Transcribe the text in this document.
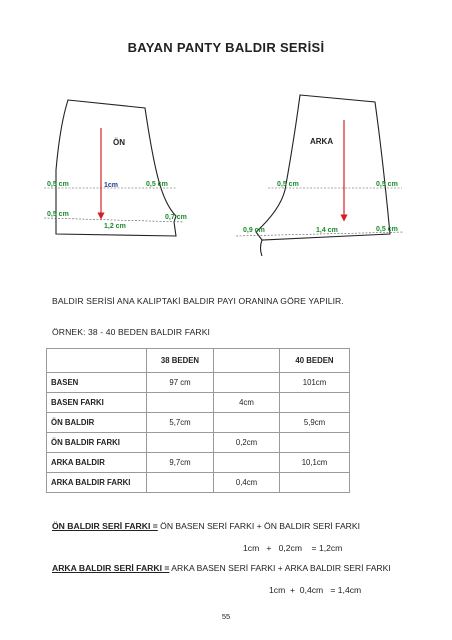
BAYAN PANTY BALDIR SERİSİ
ÖN
0,5 cm	1cm	0,5 cm
0,5 cm
1,2 cm
0,7 cm
ARKA
0,5 cm	0,5 cm
0,9 cm	1,4 cm	0,5 cm
BALDIR SERİSİ ANA KALIPTAKİ BALDIR PAYI ORANINA GÖRE YAPILIR.
ÖRNEK: 38 - 40 BEDEN BALDIR FARKI
	38 BEDEN		40 BEDEN
BASEN	97 cm		101cm
BASEN FARKI		4cm	
ÖN BALDIR	5,7cm		5,9cm
ÖN BALDIR FARKI		0,2cm	
ARKA BALDIR	9,7cm		10,1cm
ARKA BALDIR FARKI		0,4cm	
ÖN BALDIR SERİ FARKI = ÖN BASEN SERİ FARKI + ÖN BALDIR SERİ FARKI
1cm   +   0,2cm    = 1,2cm
ARKA BALDIR SERİ FARKI = ARKA BASEN SERİ FARKI + ARKA BALDIR SERİ FARKI
1cm  +  0,4cm   = 1,4cm
55
